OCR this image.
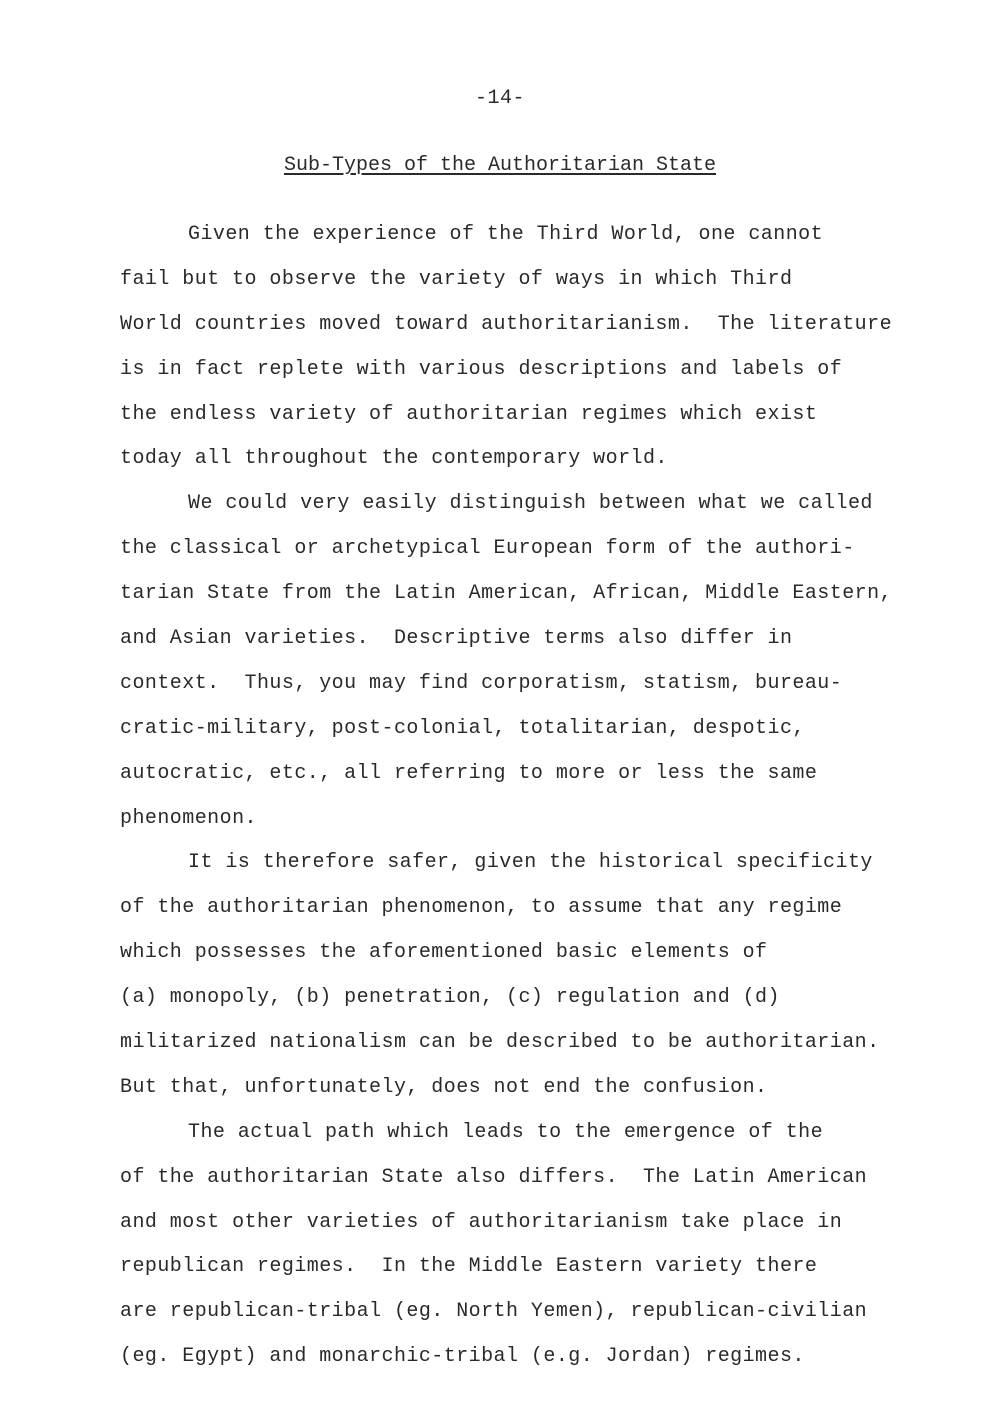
-14-
Sub-Types of the Authoritarian State
Given the experience of the Third World, one cannot
fail but to observe the variety of ways in which Third
World countries moved toward authoritarianism.  The literature
is in fact replete with various descriptions and labels of
the endless variety of authoritarian regimes which exist
today all throughout the contemporary world.
We could very easily distinguish between what we called
the classical or archetypical European form of the authori-
tarian State from the Latin American, African, Middle Eastern,
and Asian varieties.  Descriptive terms also differ in
context.  Thus, you may find corporatism, statism, bureau-
cratic-military, post-colonial, totalitarian, despotic,
autocratic, etc., all referring to more or less the same
phenomenon.
It is therefore safer, given the historical specificity
of the authoritarian phenomenon, to assume that any regime
which possesses the aforementioned basic elements of
(a) monopoly, (b) penetration, (c) regulation and (d)
militarized nationalism can be described to be authoritarian.
But that, unfortunately, does not end the confusion.
The actual path which leads to the emergence of the
of the authoritarian State also differs.  The Latin American
and most other varieties of authoritarianism take place in
republican regimes.  In the Middle Eastern variety there
are republican-tribal (eg. North Yemen), republican-civilian
(eg. Egypt) and monarchic-tribal (e.g. Jordan) regimes.
